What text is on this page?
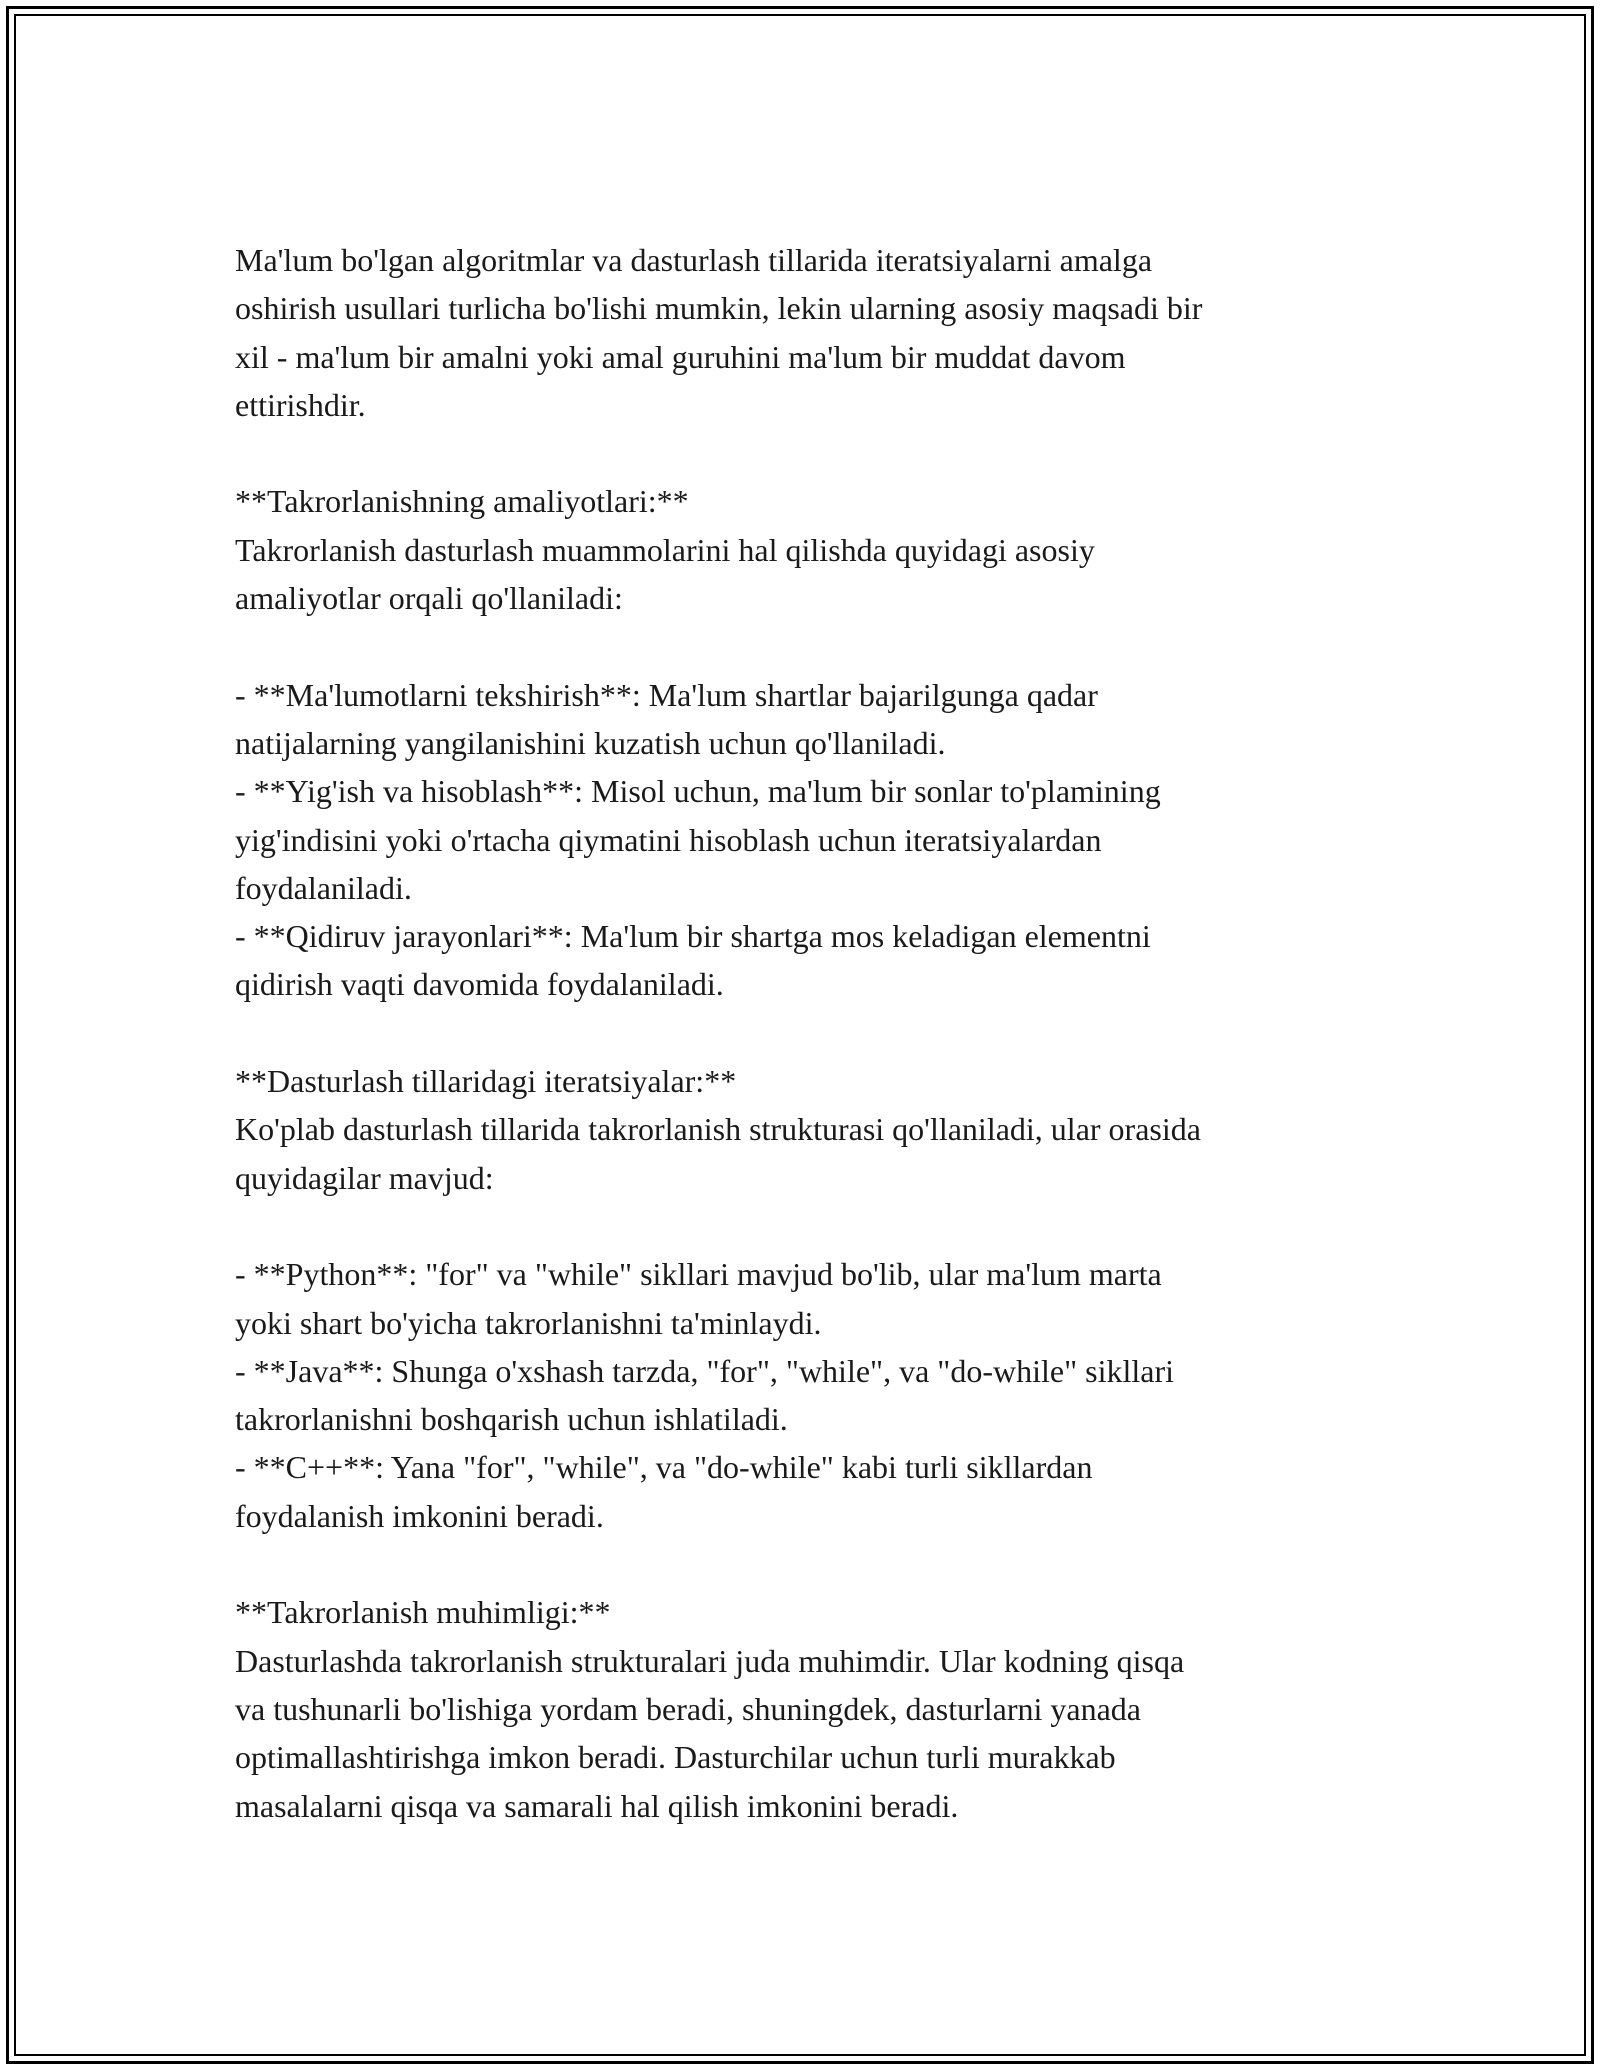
Ma'lum bo'lgan algoritmlar va dasturlash tillarida iteratsiyalarni amalga
oshirish usullari turlicha bo'lishi mumkin, lekin ularning asosiy maqsadi bir
xil - ma'lum bir amalni yoki amal guruhini ma'lum bir muddat davom
ettirishdir.
**Takrorlanishning amaliyotlari:**
Takrorlanish dasturlash muammolarini hal qilishda quyidagi asosiy
amaliyotlar orqali qo'llaniladi:
- **Ma'lumotlarni tekshirish**: Ma'lum shartlar bajarilgunga qadar
natijalarning yangilanishini kuzatish uchun qo'llaniladi.
- **Yig'ish va hisoblash**: Misol uchun, ma'lum bir sonlar to'plamining
yig'indisini yoki o'rtacha qiymatini hisoblash uchun iteratsiyalardan
foydalaniladi.
- **Qidiruv jarayonlari**: Ma'lum bir shartga mos keladigan elementni
qidirish vaqti davomida foydalaniladi.
**Dasturlash tillaridagi iteratsiyalar:**
Ko'plab dasturlash tillarida takrorlanish strukturasi qo'llaniladi, ular orasida
quyidagilar mavjud:
- **Python**: "for" va "while" sikllari mavjud bo'lib, ular ma'lum marta
yoki shart bo'yicha takrorlanishni ta'minlaydi.
- **Java**: Shunga o'xshash tarzda, "for", "while", va "do-while" sikllari
takrorlanishni boshqarish uchun ishlatiladi.
- **C++**: Yana "for", "while", va "do-while" kabi turli sikllardan
foydalanish imkonini beradi.
**Takrorlanish muhimligi:**
Dasturlashda takrorlanish strukturalari juda muhimdir. Ular kodning qisqa
va tushunarli bo'lishiga yordam beradi, shuningdek, dasturlarni yanada
optimallashtirishga imkon beradi. Dasturchilar uchun turli murakkab
masalalarni qisqa va samarali hal qilish imkonini beradi.
